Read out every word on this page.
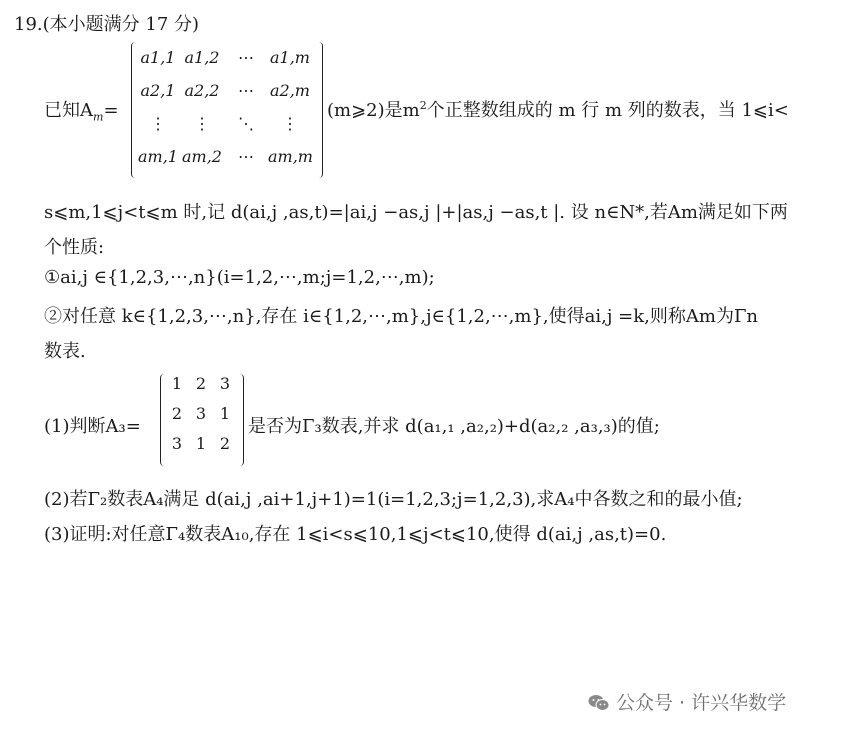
19.(本小题满分 17 分)
已知$A_m=$
a1,1 a1,2	⋯	a1,m
a2,1 a2,2	⋯	a2,m
⋮	⋮	⋱	⋮
am,1 am,2	⋯ am,m
(m⩾2)是$m^2$个正整数组成的 m 行 m 列的数表，当 1⩽i<
s⩽m,1⩽j<t⩽m 时,记 d(ai,j ,as,t)=|ai,j −as,j |+|as,j −as,t |. 设 n∈N*,若Am满足如下两
个性质:
①ai,j ∈{1,2,3,⋯,n}(i=1,2,⋯,m;j=1,2,⋯,m);
②对任意 k∈{1,2,3,⋯,n},存在 i∈{1,2,⋯,m},j∈{1,2,⋯,m},使得ai,j =k,则称Am为Γn
数表.
(1)判断A₃=
1 2 3
2 3 1
3 1 2
是否为Γ₃数表,并求 d(a₁,₁ ,a₂,₂)+d(a₂,₂ ,a₃,₃)的值;
(2)若Γ₂数表A₄满足 d(ai,j ,ai+1,j+1)=1(i=1,2,3;j=1,2,3),求A₄中各数之和的最小值;
(3)证明:对任意Γ₄数表A₁₀,存在 1⩽i<s⩽10,1⩽j<t⩽10,使得 d(ai,j ,as,t)=0.
公众号 · 许兴华数学
